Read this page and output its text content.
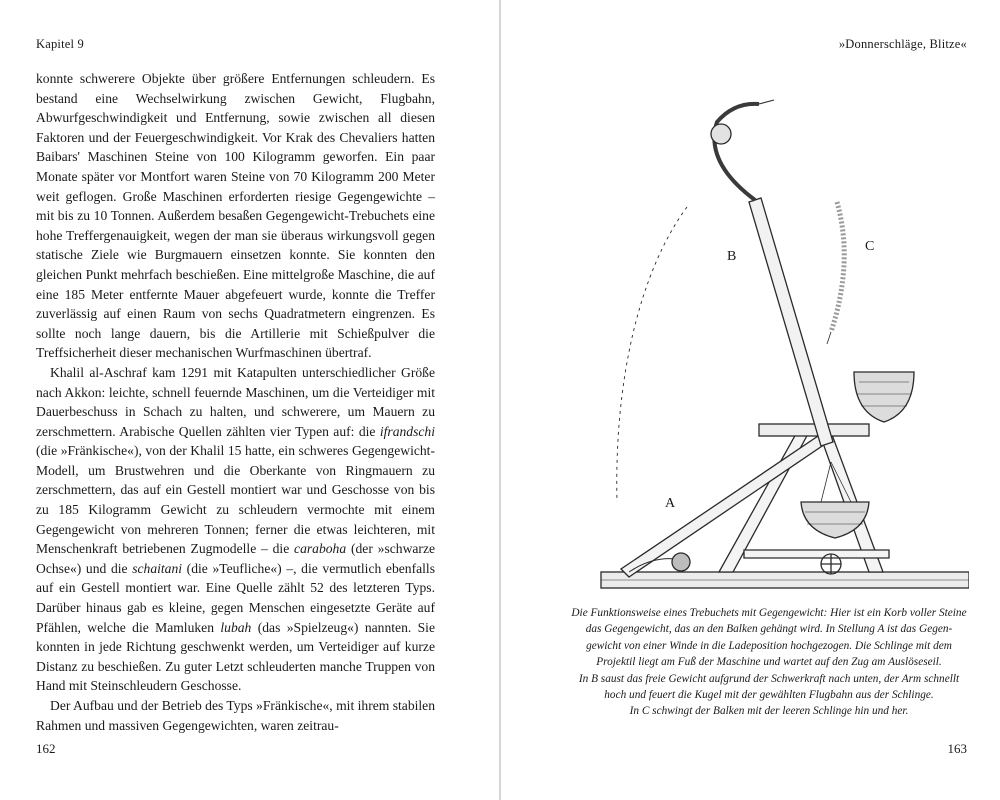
Kapitel 9

konnte schwerere Objekte über größere Entfernungen schleudern. Es bestand eine Wechselwirkung zwischen Gewicht, Flugbahn, Abwurfgeschwindigkeit und Entfernung, sowie zwischen all diesen Faktoren und der Feuergeschwindigkeit. Vor Krak des Chevaliers hatten Baibars' Maschinen Steine von 100 Kilogramm geworfen. Ein paar Monate später vor Montfort waren Steine von 70 Kilogramm 200 Meter weit geflogen. Große Maschinen erforderten riesige Gegengewichte – mit bis zu 10 Tonnen. Außerdem besaßen Gegengewicht-Trebuchets eine hohe Treffergenauigkeit, wegen der man sie überaus wirkungsvoll gegen statische Ziele wie Burgmauern einsetzen konnte. Sie konnten den gleichen Punkt mehrfach beschießen. Eine mittelgroße Maschine, die auf eine 185 Meter entfernte Mauer abgefeuert wurde, konnte die Treffer zuverlässig auf einen Raum von sechs Quadratmetern eingrenzen. Es sollte noch lange dauern, bis die Artillerie mit Schießpulver die Treffsicherheit dieser mechanischen Wurfmaschinen übertraf.

Khalil al-Aschraf kam 1291 mit Katapulten unterschiedlicher Größe nach Akkon: leichte, schnell feuernde Maschinen, um die Verteidiger mit Dauerbeschuss in Schach zu halten, und schwerere, um Mauern zu zerschmettern. Arabische Quellen zählten vier Typen auf: die ifrandschi (die »Fränkische«), von der Khalil 15 hatte, ein schweres Gegengewicht-Modell, um Brustwehren und die Oberkante von Ringmauern zu zerschmettern, das auf ein Gestell montiert war und Geschosse von bis zu 185 Kilogramm Gewicht zu schleudern vermochte mit einem Gegengewicht von mehreren Tonnen; ferner die etwas leichteren, mit Menschenkraft betriebenen Zugmodelle – die caraboha (der »schwarze Ochse«) und die schaitani (die »Teufliche«) –, die vermutlich ebenfalls auf ein Gestell montiert war. Eine Quelle zählt 52 des letzteren Typs. Darüber hinaus gab es kleine, gegen Menschen eingesetzte Geräte auf Pfählen, welche die Mamluken lubah (das »Spielzeug«) nannten. Sie konnten in jede Richtung geschwenkt werden, um Verteidiger auf kurze Distanz zu beschießen. Zu guter Letzt schleuderten manche Truppen von Hand mit Steinschleudern Geschosse.

Der Aufbau und der Betrieb des Typs »Fränkische«, mit ihrem stabilen Rahmen und massiven Gegengewichten, waren zeitrau-

162
»Donnerschläge, Blitze«
A
B
C
Die Funktionsweise eines Trebuchets mit Gegengewicht: Hier ist ein Korb voller Steine
das Gegengewicht, das an den Balken gehängt wird. In Stellung A ist das Gegen-
gewicht von einer Winde in die Ladeposition hochgezogen. Die Schlinge mit dem
Projektil liegt am Fuß der Maschine und wartet auf den Zug am Auslöseseil.
In B saust das freie Gewicht aufgrund der Schwerkraft nach unten, der Arm schnellt
hoch und feuert die Kugel mit der gewählten Flugbahn aus der Schlinge.
In C schwingt der Balken mit der leeren Schlinge hin und her.
163
